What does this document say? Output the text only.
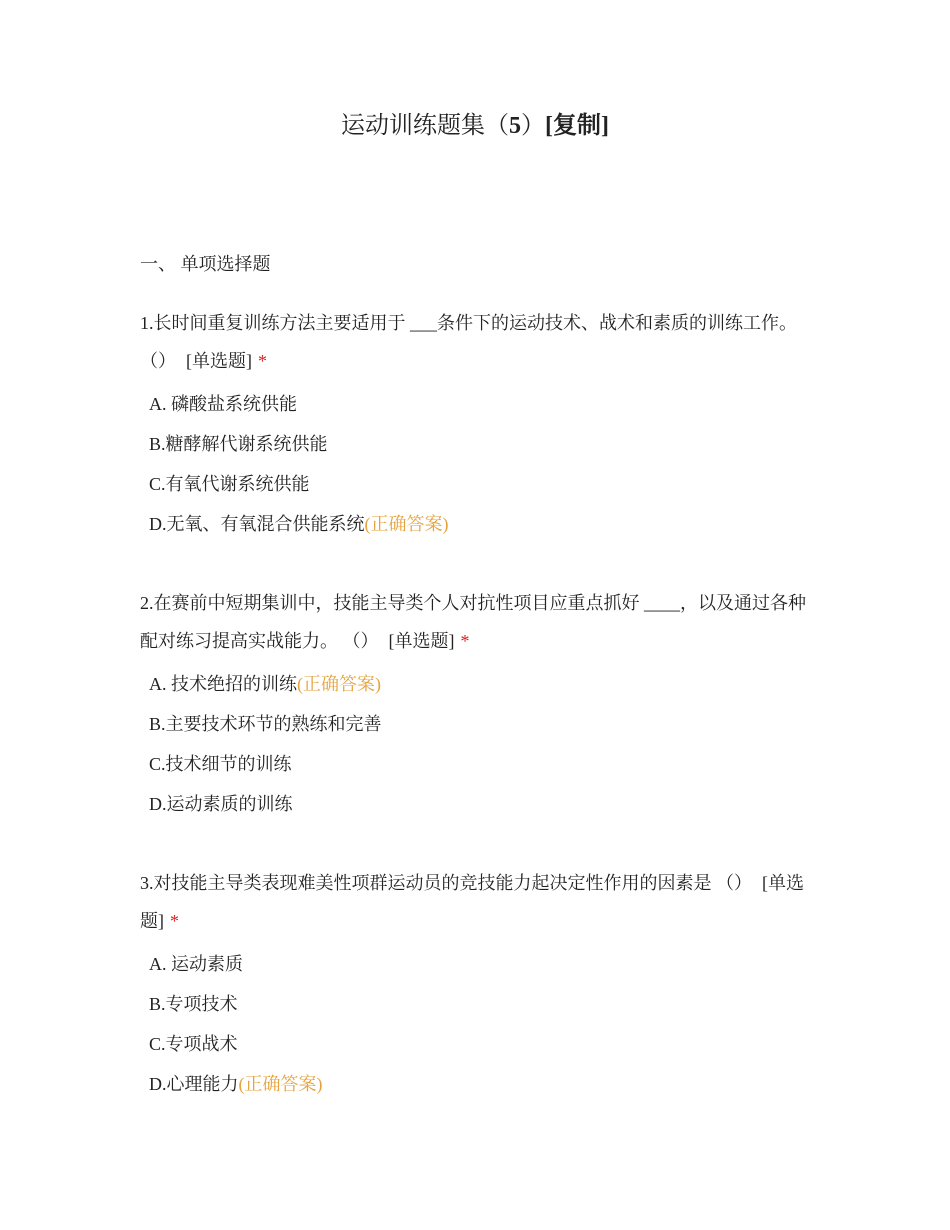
运动训练题集（5）[复制]
一、 单项选择题

1.长时间重复训练方法主要适用于 ___条件下的运动技术、战术和素质的训练工作。 （） [单选题] *

A. 磷酸盐系统供能
B.糖酵解代谢系统供能
C.有氧代谢系统供能
D.无氧、有氧混合供能系统(正确答案)

2.在赛前中短期集训中，技能主导类个人对抗性项目应重点抓好 ____，以及通过各种配对练习提高实战能力。 （） [单选题] *

A. 技术绝招的训练(正确答案)
B.主要技术环节的熟练和完善
C.技术细节的训练
D.运动素质的训练

3.对技能主导类表现难美性项群运动员的竞技能力起决定性作用的因素是 （） [单选题] *

A. 运动素质
B.专项技术
C.专项战术
D.心理能力(正确答案)
